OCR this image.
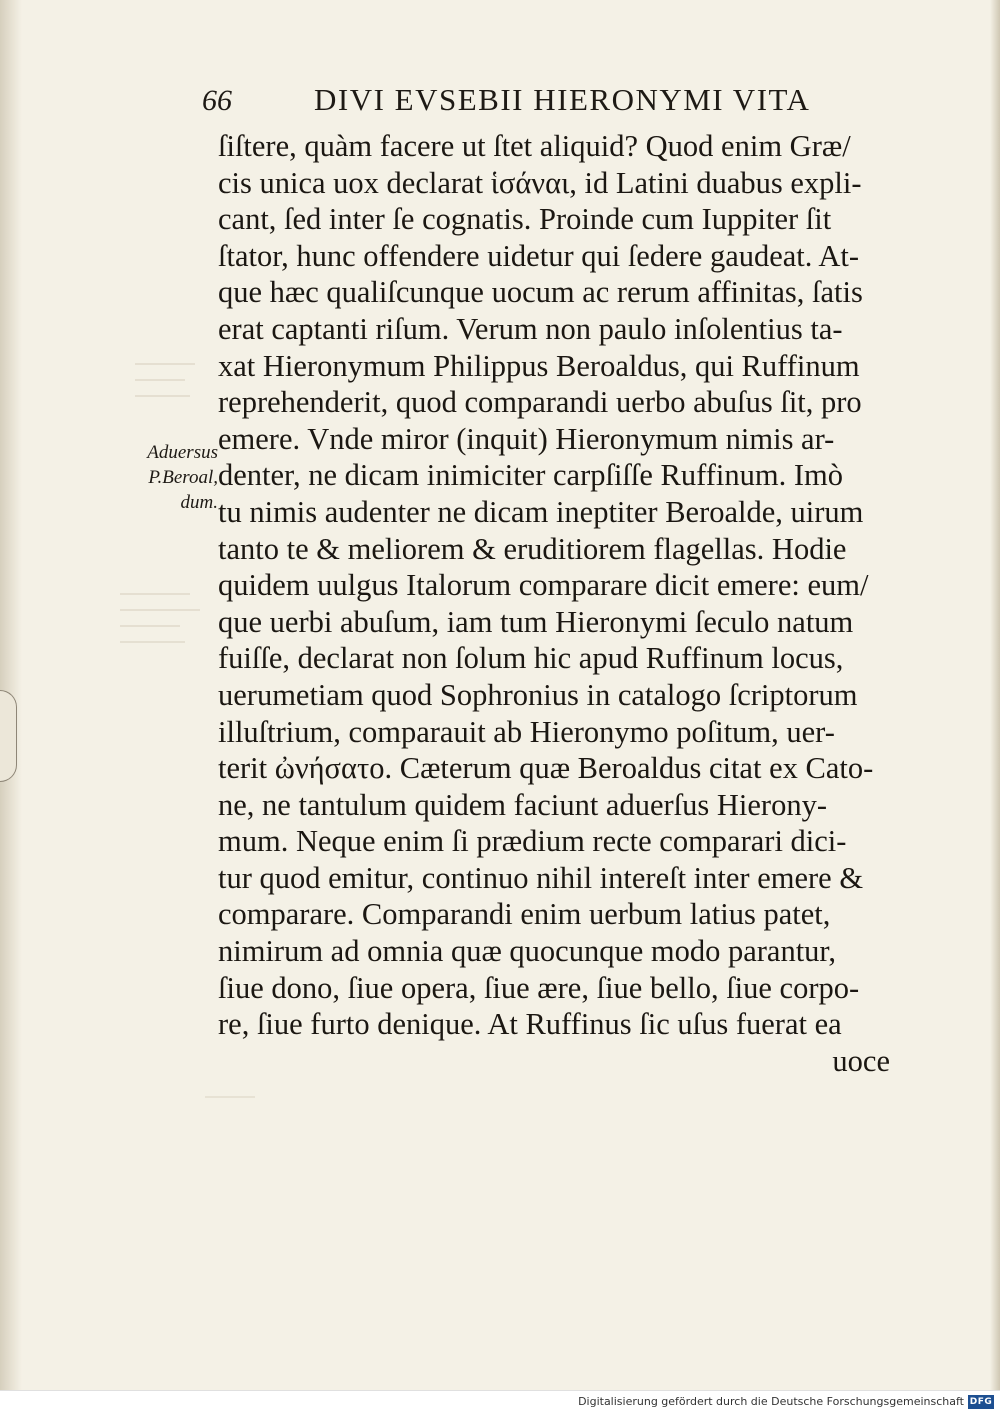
66	DIVI EVSEBII HIERONYMI VITA
Aduersus
P.Beroal,
dum.
ſiſtere, quàm facere ut ſtet aliquid? Quod enim Græ/
cis unica uox declarat ἱσάναι, id Latini duabus expli-
cant, ſed inter ſe cognatis. Proinde cum Iuppiter ſit
ſtator, hunc offendere uidetur qui ſedere gaudeat. At-
que hæc qualiſcunque uocum ac rerum affinitas, ſatis
erat captanti riſum. Verum non paulo inſolentius ta-
xat Hieronymum Philippus Beroaldus, qui Ruffinum
reprehenderit, quod comparandi uerbo abuſus ſit, pro
emere. Vnde miror (inquit) Hieronymum nimis ar-
denter, ne dicam inimiciter carpſiſſe Ruffinum. Imò
tu nimis audenter ne dicam ineptiter Beroalde, uirum
tanto te & meliorem & eruditiorem flagellas. Hodie
quidem uulgus Italorum comparare dicit emere: eum/
que uerbi abuſum, iam tum Hieronymi ſeculo natum
fuiſſe, declarat non ſolum hic apud Ruffinum locus,
uerumetiam quod Sophronius in catalogo ſcriptorum
illuſtrium, comparauit ab Hieronymo poſitum, uer-
terit ὠνήσατο. Cæterum quæ Beroaldus citat ex Cato-
ne, ne tantulum quidem faciunt aduerſus Hierony-
mum. Neque enim ſi prædium recte comparari dici-
tur quod emitur, continuo nihil intereſt inter emere &
comparare. Comparandi enim uerbum latius patet,
nimirum ad omnia quæ quocunque modo parantur,
ſiue dono, ſiue opera, ſiue ære, ſiue bello, ſiue corpo-
re, ſiue furto denique. At Ruffinus ſic uſus fuerat ea
uoce
Digitalisierung gefördert durch die Deutsche Forschungsgemeinschaft DFG
